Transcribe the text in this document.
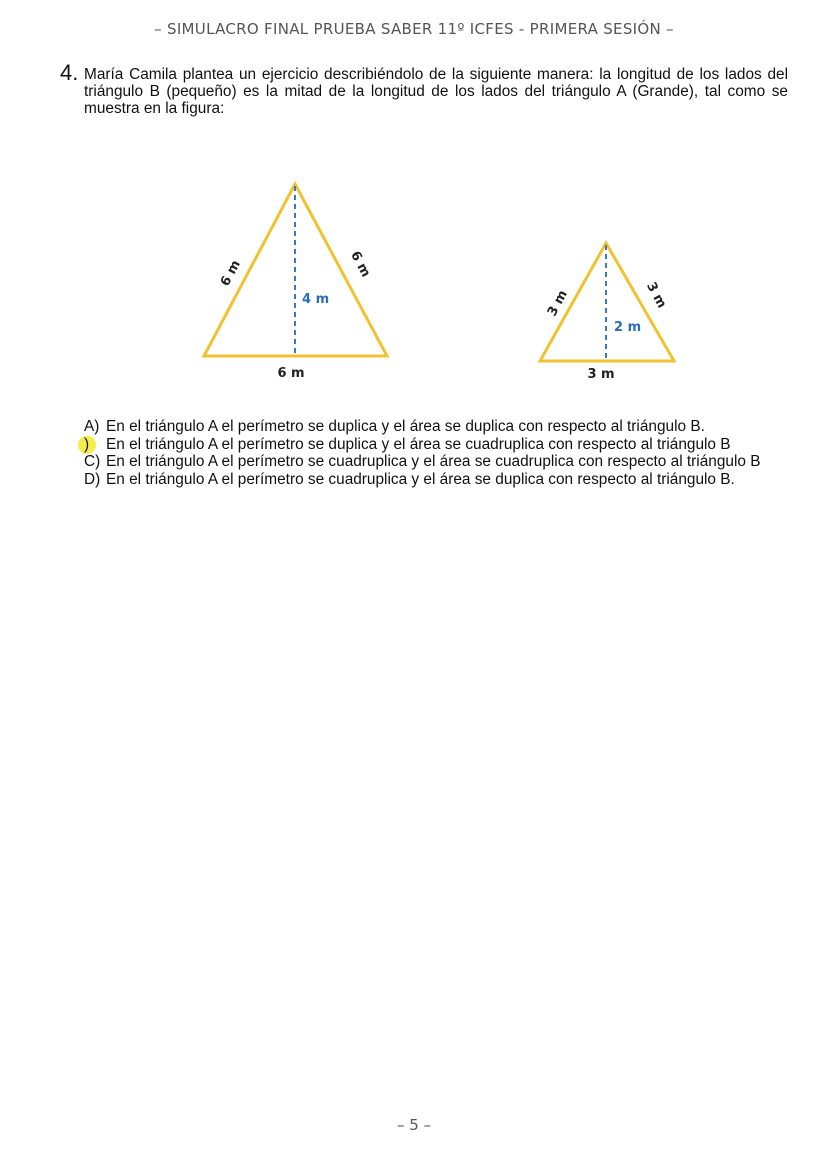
– SIMULACRO FINAL PRUEBA SABER 11º ICFES - PRIMERA SESIÓN –
4. María Camila plantea un ejercicio describiéndolo de la siguiente manera: la longitud de los lados del triángulo B (pequeño) es la mitad de la longitud de los lados del triángulo A (Grande), tal como se muestra en la figura:
6 m	6 m
4 m
6 m
3 m	3 m
2 m
3 m
A) En el triángulo A el perímetro se duplica y el área se duplica con respecto al triángulo B.
)	En el triángulo A el perímetro se duplica y el área se cuadruplica con respecto al triángulo B
C) En el triángulo A el perímetro se cuadruplica y el área se cuadruplica con respecto al triángulo B
D) En el triángulo A el perímetro se cuadruplica y el área se duplica con respecto al triángulo B.
– 5 –
